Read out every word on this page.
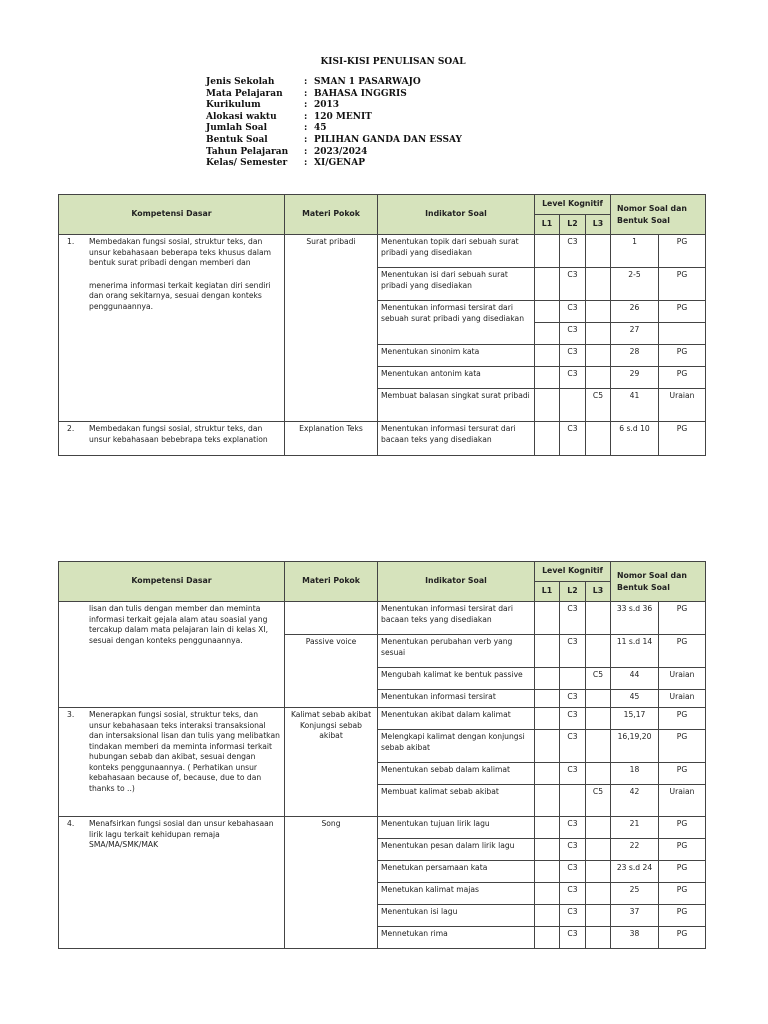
KISI-KISI PENULISAN SOAL
Jenis Sekolah	:	SMAN 1 PASARWAJO
Mata Pelajaran	:	BAHASA INGGRIS
Kurikulum	:	2013
Alokasi waktu	:	120 MENIT
Jumlah Soal	:	45
Bentuk Soal	:	PILIHAN GANDA DAN ESSAY
Tahun Pelajaran	:	2023/2024
Kelas/ Semester	:	XI/GENAP
Kompetensi Dasar	Materi Pokok	Indikator Soal	Level Kognitif			Nomor Soal dan Bentuk Soal	
			L1	L2	L3		

1. Membedakan fungsi sosial, struktur teks, dan unsur kebahasaan beberapa teks khusus dalam bentuk surat pribadi dengan memberi dan
menerima informasi terkait kegiatan diri sendiri dan orang sekitarnya, sesuai dengan konteks penggunaannya.	Surat pribadi	Menentukan topik dari sebuah surat pribadi yang disediakan		C3		1	PG
		Menentukan isi dari sebuah surat pribadi yang disediakan		C3		2-5	PG
		Menentukan informasi tersirat dari sebuah surat pribadi yang disediakan		C3		26	PG
				C3		27	
		Menentukan sinonim kata		C3		28	PG
		Menentukan antonim kata		C3		29	PG
		Membuat balasan singkat surat pribadi			C5	41	Uraian

2. Membedakan fungsi sosial, struktur teks, dan unsur kebahasaan bebebrapa teks explanation	Explanation Teks	Menentukan informasi tersurat dari bacaan teks yang disediakan		C3		6 s.d 10	PG
Kompetensi Dasar	Materi Pokok	Indikator Soal	Level Kognitif			Nomor Soal dan Bentuk Soal	
			L1	L2	L3		

lisan dan tulis dengan member dan meminta informasi terkait gejala alam atau soasial yang tercakup dalam mata pelajaran lain di kelas XI, sesuai dengan konteks penggunaannya.		Menentukan informasi tersirat dari bacaan teks yang disediakan		C3		33 s.d 36	PG
	Passive voice	Menentukan perubahan verb yang sesuai		C3		11 s.d 14	PG
		Mengubah kalimat ke bentuk passive			C5	44	Uraian
		Menentukan informasi tersirat		C3		45	Uraian

3. Menerapkan fungsi sosial, struktur teks, dan unsur kebahasaan teks interaksi transaksional dan intersaksional lisan dan tulis yang melibatkan tindakan memberi da meminta informasi terkait hubungan sebab dan akibat, sesuai dengan konteks penggunaannya. ( Perhatikan unsur kebahasaan because of, because, due to dan thanks to ..)	Kalimat sebab akibat Konjungsi sebab akibat	Menentukan akibat dalam kalimat		C3		15,17	PG
		Melengkapi kalimat dengan konjungsi sebab akibat		C3		16,19,20	PG
		Menentukan sebab dalam kalimat		C3		18	PG
		Membuat kalimat sebab akibat			C5	42	Uraian

4. Menafsirkan fungsi sosial dan unsur kebahasaan lirik lagu terkait kehidupan remaja SMA/MA/SMK/MAK	Song	Menentukan tujuan lirik lagu		C3		21	PG
		Menentukan pesan dalam lirik lagu		C3		22	PG
		Menetukan persamaan kata		C3		23 s.d 24	PG
		Menetukan kalimat majas		C3		25	PG
		Menentukan isi lagu		C3		37	PG
		Mennetukan rima		C3		38	PG
